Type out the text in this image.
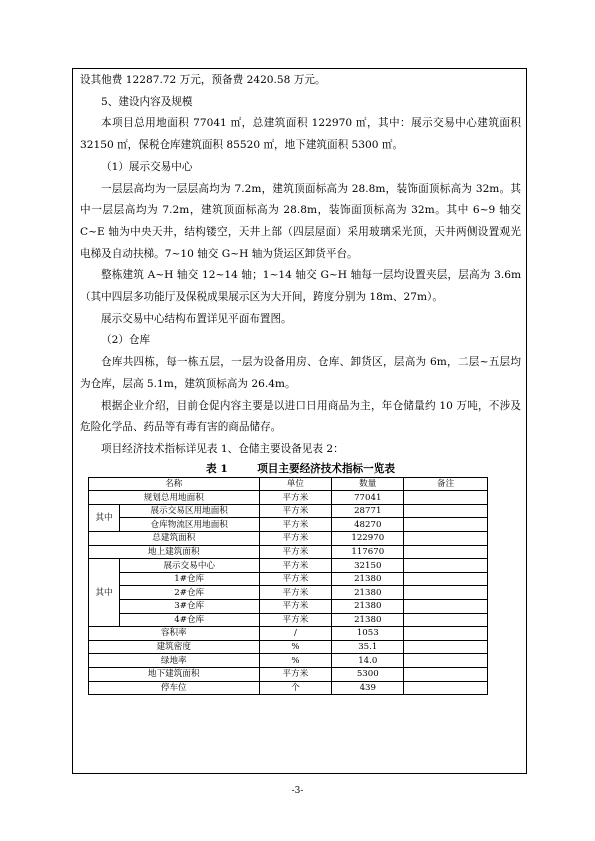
设其他费 12287.72 万元，预备费 2420.58 万元。

5、建设内容及规模

本项目总用地面积 77041 ㎡，总建筑面积 122970 ㎡，其中：展示交易中心建筑面积 32150 ㎡，保税仓库建筑面积 85520 ㎡，地下建筑面积 5300 ㎡。

（1）展示交易中心

一层层高均为一层层高均为 7.2m，建筑顶面标高为 28.8m，装饰面顶标高为 32m。其中一层层高均为 7.2m，建筑顶面标高为 28.8m，装饰面顶标高为 32m。其中 6~9 轴交 C~E 轴为中央天井，结构镂空，天井上部（四层屋面）采用玻璃采光顶，天井两侧设置观光电梯及自动扶梯。7~10 轴交 G~H 轴为货运区卸货平台。

整栋建筑 A~H 轴交 12~14 轴；1~14 轴交 G~H 轴每一层均设置夹层，层高为 3.6m（其中四层多功能厅及保税成果展示区为大开间，跨度分别为 18m、27m）。

展示交易中心结构布置详见平面布置图。

（2）仓库

仓库共四栋，每一栋五层，一层为设备用房、仓库、卸货区，层高为 6m，二层~五层均为仓库，层高 5.1m，建筑顶标高为 26.4m。

根据企业介绍，目前仓促内容主要是以进口日用商品为主，年仓储量约 10 万吨，不涉及危险化学品、药品等有毒有害的商品储存。

项目经济技术指标详见表 1、仓储主要设备见表 2：

表 1	项目主要经济技术指标一览表
名称		单位	数量	备注
规划总用地面积		平方米	77041	
其中	展示交易区用地面积	平方米	28771	
	仓库物流区用地面积	平方米	48270	
总建筑面积		平方米	122970	
地上建筑面积		平方米	117670	
其中	展示交易中心	平方米	32150	
	1#仓库	平方米	21380	
	2#仓库	平方米	21380	
	3#仓库	平方米	21380	
	4#仓库	平方米	21380	
容积率		/	1053	
建筑密度		%	35.1	
绿地率		%	14.0	
地下建筑面积		平方米	5300	
停车位		个	439	
-3-
